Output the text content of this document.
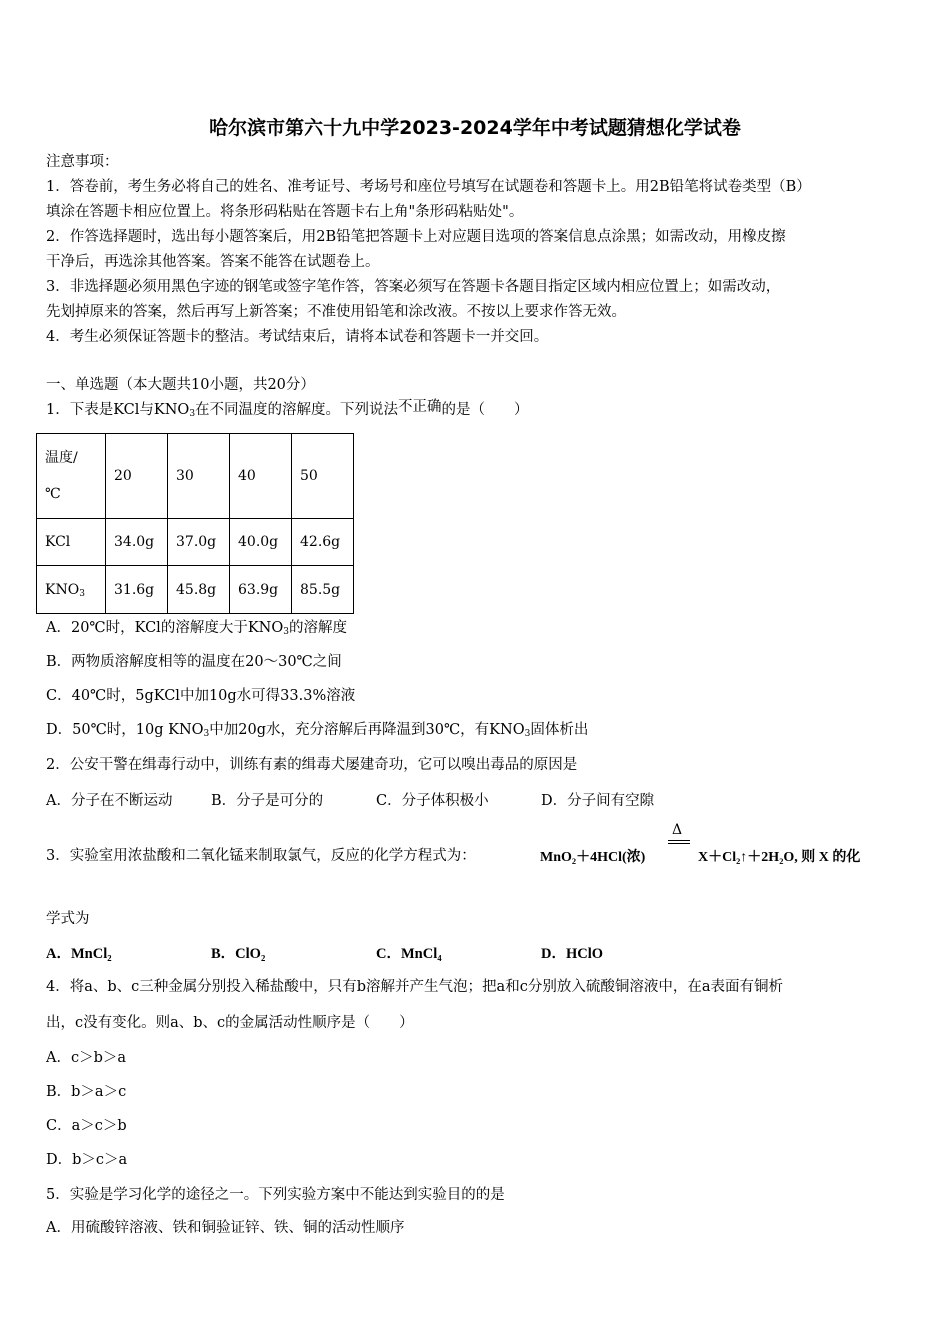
哈尔滨市第六十九中学2023-2024学年中考试题猜想化学试卷
注意事项：
1．答卷前，考生务必将自己的姓名、准考证号、考场号和座位号填写在试题卷和答题卡上。用2B铅笔将试卷类型（B）
填涂在答题卡相应位置上。将条形码粘贴在答题卡右上角"条形码粘贴处"。
2．作答选择题时，选出每小题答案后，用2B铅笔把答题卡上对应题目选项的答案信息点涂黑；如需改动，用橡皮擦
干净后，再选涂其他答案。答案不能答在试题卷上。
3．非选择题必须用黑色字迹的钢笔或签字笔作答，答案必须写在答题卡各题目指定区域内相应位置上；如需改动，
先划掉原来的答案，然后再写上新答案；不准使用铅笔和涂改液。不按以上要求作答无效。
4．考生必须保证答题卡的整洁。考试结束后，请将本试卷和答题卡一并交回。
一、单选题（本大题共10小题，共20分）
1．下表是KCl与$KNO_3$在不同温度的溶解度。下列说法不正确的是（　　）
温度/
℃	20	30	40	50
KCl	34.0g	37.0g	40.0g	42.6g
$KNO_3$	31.6g	45.8g	63.9g	85.5g
A．20℃时，KCl的溶解度大于$KNO_3$的溶解度
B．两物质溶解度相等的温度在20～30℃之间
C．40℃时，5gKCl中加10g水可得33.3%溶液
D．50℃时，10g $KNO_3$中加20g水，充分溶解后再降温到30℃，有$KNO_3$固体析出
2．公安干警在缉毒行动中，训练有素的缉毒犬屡建奇功，它可以嗅出毒品的原因是
A．分子在不断运动	B．分子是可分的	C．分子体积极小	D．分子间有空隙
3．实验室用浓盐酸和二氧化锰来制取氯气，反应的化学方程式为：	MnO₂＋4HCl(浓)
Δ
X＋Cl₂↑＋2H₂O, 则 X 的化
学式为
A．MnCl₂	B．ClO₂	C．MnCl₄	D．HClO
4．将a、b、c三种金属分别投入稀盐酸中，只有b溶解并产生气泡；把a和c分别放入硫酸铜溶液中，在a表面有铜析
出，c没有变化。则a、b、c的金属活动性顺序是（　　）
A．c＞b＞a
B．b＞a＞c
C．a＞c＞b
D．b＞c＞a
5．实验是学习化学的途径之一。下列实验方案中不能达到实验目的的是
A．用硫酸锌溶液、铁和铜验证锌、铁、铜的活动性顺序
